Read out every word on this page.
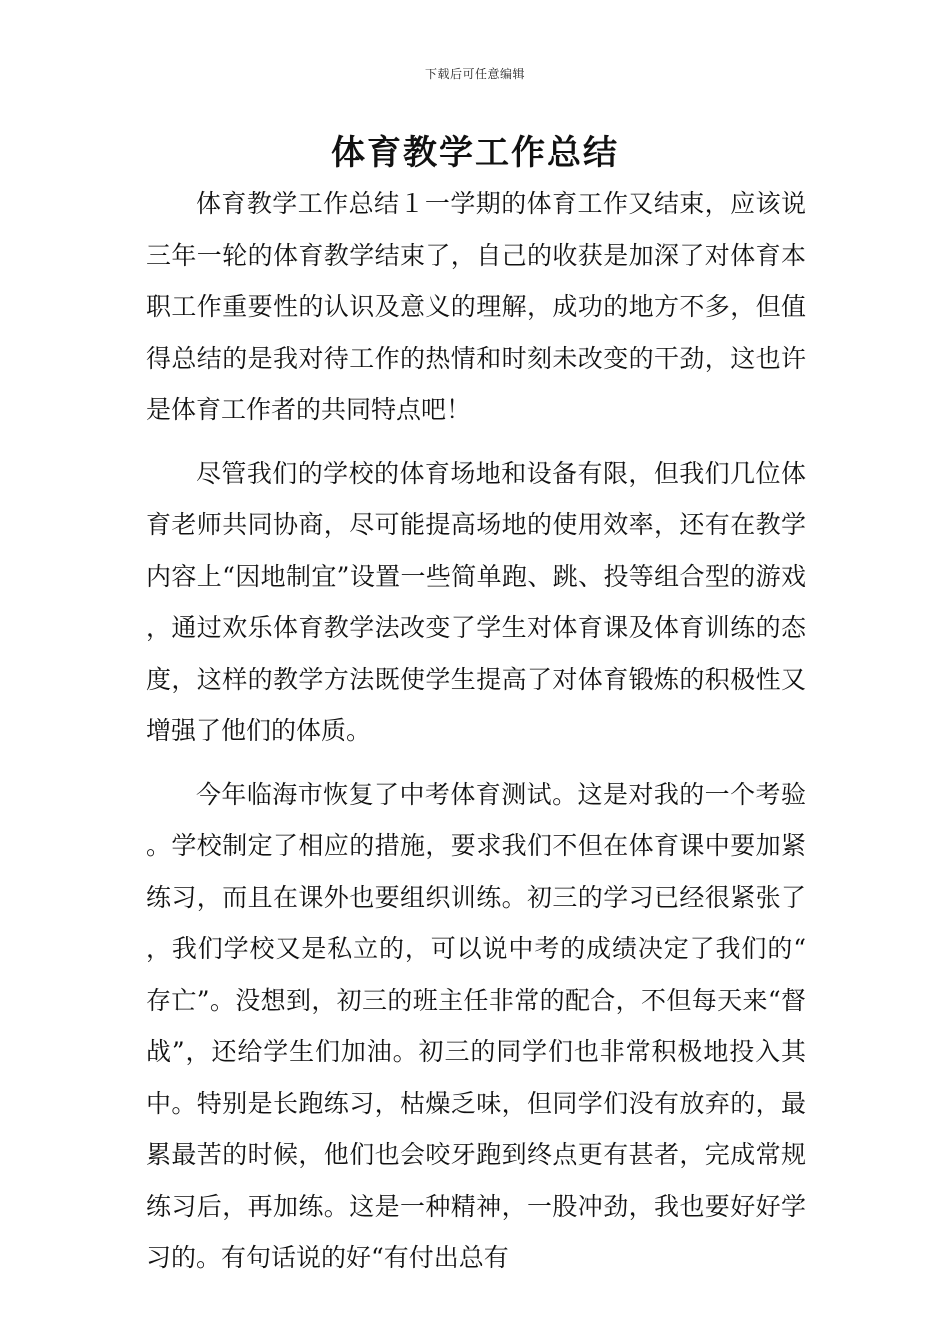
下载后可任意编辑
体育教学工作总结

体育教学工作总结１一学期的体育工作又结束，应该说三年一轮的体育教学结束了，自己的收获是加深了对体育本职工作重要性的认识及意义的理解，成功的地方不多，但值得总结的是我对待工作的热情和时刻未改变的干劲，这也许是体育工作者的共同特点吧！

尽管我们的学校的体育场地和设备有限，但我们几位体育老师共同协商，尽可能提高场地的使用效率，还有在教学内容上“因地制宜”设置一些简单跑、跳、投等组合型的游戏，通过欢乐体育教学法改变了学生对体育课及体育训练的态度，这样的教学方法既使学生提高了对体育锻炼的积极性又增强了他们的体质。

今年临海市恢复了中考体育测试。这是对我的一个考验。学校制定了相应的措施，要求我们不但在体育课中要加紧练习，而且在课外也要组织训练。初三的学习已经很紧张了，我们学校又是私立的，可以说中考的成绩决定了我们的“存亡”。没想到，初三的班主任非常的配合，不但每天来“督战”，还给学生们加油。初三的同学们也非常积极地投入其中。特别是长跑练习，枯燥乏味，但同学们没有放弃的，最累最苦的时候，他们也会咬牙跑到终点更有甚者，完成常规练习后，再加练。这是一种精神，一股冲劲，我也要好好学习的。有句话说的好“有付出总有
